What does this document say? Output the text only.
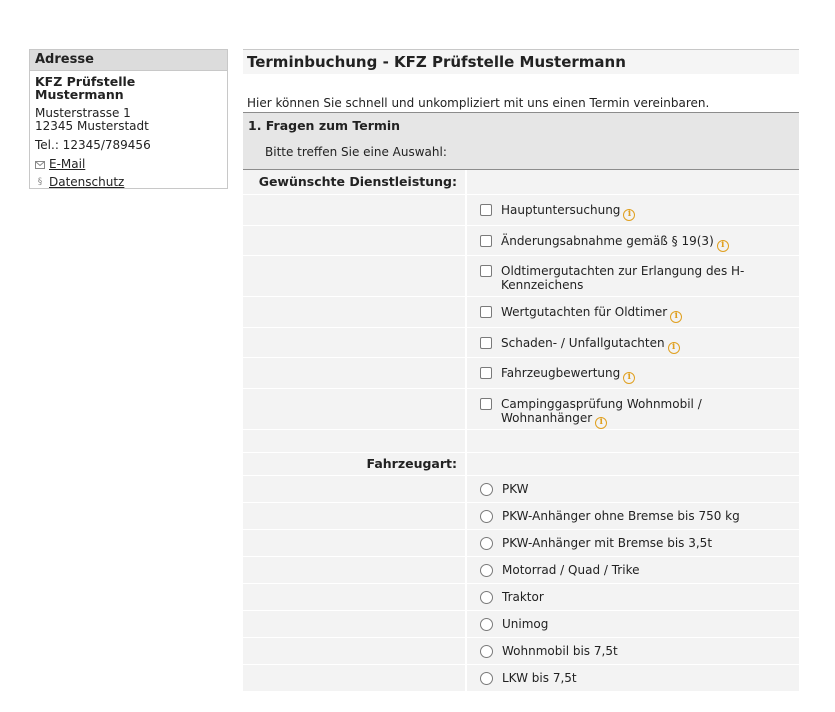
Adresse
KFZ Prüfstelle Mustermann
Musterstrasse 1
12345 Musterstadt
Tel.: 12345/789456
E-Mail
§ Datenschutz
Terminbuchung - KFZ Prüfstelle Mustermann
Hier können Sie schnell und unkompliziert mit uns einen Termin vereinbaren.
1. Fragen zum Termin
Bitte treffen Sie eine Auswahl:
Gewünschte Dienstleistung:
Hauptuntersuchung i
Änderungsabnahme gemäß § 19(3) i
Oldtimergutachten zur Erlangung des H-Kennzeichens
Wertgutachten für Oldtimer i
Schaden- / Unfallgutachten i
Fahrzeugbewertung i
Campinggasprüfung Wohnmobil / Wohnanhänger i
Fahrzeugart:
PKW
PKW-Anhänger ohne Bremse bis 750 kg
PKW-Anhänger mit Bremse bis 3,5t
Motorrad / Quad / Trike
Traktor
Unimog
Wohnmobil bis 7,5t
LKW bis 7,5t
